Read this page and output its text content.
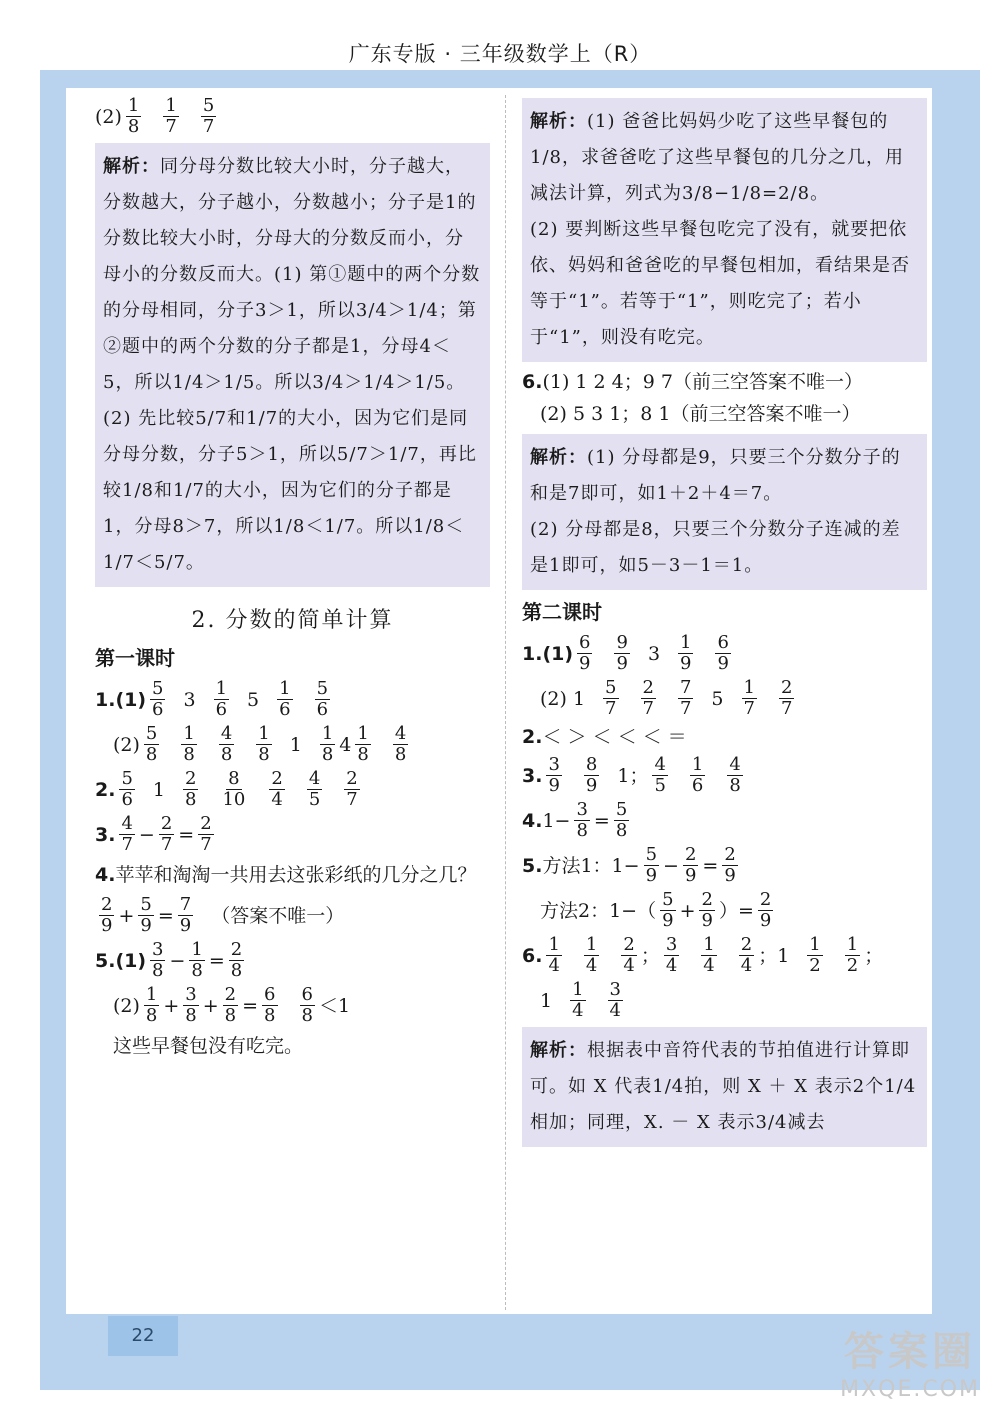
广东专版 · 三年级数学上（R）
$(2) \frac{1}{8} \frac{1}{7} \frac{5}{7}$

解析：同分母分数比较大小时，分子越大，分数越大，分子越小，分数越小；分子是1的分数比较大小时，分母大的分数反而小，分母小的分数反而大。(1) 第①题中的两个分数的分母相同，分子3＞1，所以3/4＞1/4；第②题中的两个分数的分子都是1，分母4＜5，所以1/4＞1/5。所以3/4＞1/4＞1/5。

(2) 先比较5/7和1/7的大小，因为它们是同分母分数，分子5＞1，所以5/7＞1/7，再比较1/8和1/7的大小，因为它们的分子都是1，分母8＞7，所以1/8＜1/7。所以1/8＜1/7＜5/7。

2. 分数的简单计算
第一课时
$1.(1) \frac{5}{6} 3 \frac{1}{6} 5 \frac{1}{6} \frac{5}{6}$
$(2) \frac{5}{8} \frac{1}{8} \frac{4}{8} \frac{1}{8} 1 \frac{1}{8} 4 \frac{1}{8} \frac{4}{8}$
2. $\frac{5}{6} 1 \frac{2}{8} \frac{8}{10} \frac{2}{4} \frac{4}{5} \frac{2}{7}$
3. $\frac{4}{7} - \frac{2}{7} = \frac{2}{7}$
4.苹苹和淘淘一共用去这张彩纸的几分之几？
$\frac{2}{9} + \frac{5}{9} = \frac{7}{9}$ （答案不唯一）
$5.(1) \frac{3}{8} - \frac{1}{8} = \frac{2}{8}$
$(2) \frac{1}{8} + \frac{3}{8} + \frac{2}{8} = \frac{6}{8} \frac{6}{8} <1$
这些早餐包没有吃完。

解析：(1) 爸爸比妈妈少吃了这些早餐包的1/8，求爸爸吃了这些早餐包的几分之几，用减法计算，列式为3/8−1/8=2/8。

(2) 要判断这些早餐包吃完了没有，就要把依依、妈妈和爸爸吃的早餐包相加，看结果是否等于“1”。若等于“1”，则吃完了；若小于“1”，则没有吃完。

6. (1) 1 2 4；9 7（前三空答案不唯一）
(2) 5 3 1；8 1（前三空答案不唯一）

解析：(1) 分母都是9，只要三个分数分子的和是7即可，如1＋2＋4＝7。

(2) 分母都是8，只要三个分数分子连减的差是1即可，如5－3－1＝1。

第二课时
$1.(1) \frac{6}{9} \frac{9}{9} 3 \frac{1}{9} \frac{6}{9}$
(2) $1 \frac{5}{7} \frac{2}{7} \frac{7}{7} 5 \frac{1}{7} \frac{2}{7}$
2. ＜ ＞ ＜ ＜ ＜ ＝
3. $\frac{3}{9} \frac{8}{9} 1$； $\frac{4}{5} \frac{1}{6} \frac{4}{8}$
4. $1- \frac{3}{8} = \frac{5}{8}$
5. 方法1：$1- \frac{5}{9} - \frac{2}{9} = \frac{2}{9}$
方法2：$1-( \frac{5}{9} + \frac{2}{9}$ ）= $\frac{2}{9}$
6. $\frac{1}{4} \frac{1}{4} \frac{2}{4}$ ； $\frac{3}{4} \frac{1}{4} \frac{2}{4}$ ；$1 \frac{1}{2} \frac{1}{2}$ ；
$1 \frac{1}{4} \frac{3}{4}$

解析：根据表中音符代表的节拍值进行计算即可。如 X 代表1/4拍，则 X ＋ X 表示2个1/4相加；同理，X. － X 表示3/4减去

22	答案圈
MXQE.COM
